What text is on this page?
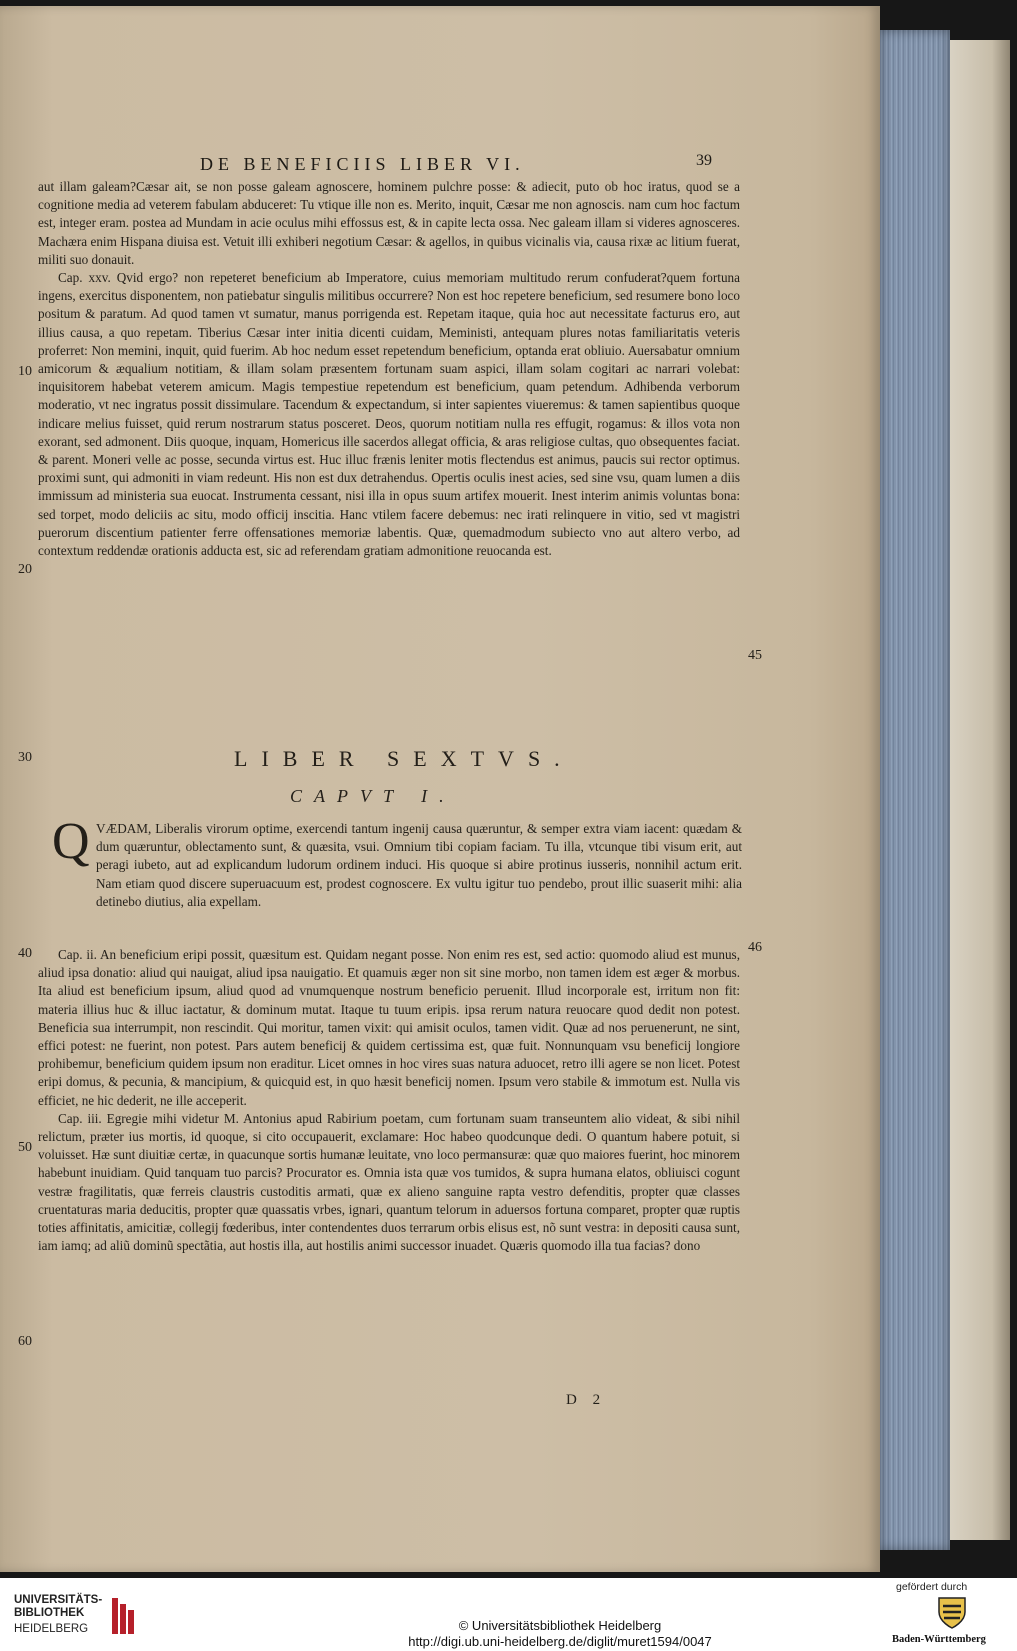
DE BENEFICIIS LIBER VI.	39

aut illam galeam?Cæsar ait, se non posse galeam agnoscere, hominem pulchre posse: & adiecit, puto ob hoc iratus, quod se a cognitione media ad veterem fabulam abduceret: Tu vtique ille non es. Merito, inquit, Cæsar me non agnoscis. nam cum hoc factum est, integer eram. postea ad Mundam in acie oculus mihi effossus est, & in capite lecta ossa. Nec galeam illam si videres agnosceres. Machæra enim Hispana diuisa est. Vetuit illi exhiberi negotium Cæsar: & agellos, in quibus vicinalis via, causa rixæ ac litium fuerat, militi suo donauit.

Cap. xxv. Qvid ergo? non repeteret beneficium ab Imperatore, cuius memoriam multitudo rerum confuderat?quem fortuna ingens, exercitus disponentem, non patiebatur singulis militibus occurrere? Non est hoc repetere beneficium, sed resumere bono loco positum & paratum. Ad quod tamen vt sumatur, manus porrigenda est. Repetam itaque, quia hoc aut necessitate facturus ero, aut illius causa, a quo repetam. Tiberius Cæsar inter initia dicenti cuidam, Meministi, antequam plures notas familiaritatis veteris proferret: Non memini, inquit, quid fuerim. Ab hoc nedum esset repetendum beneficium, optanda erat obliuio. Auersabatur omnium amicorum & æqualium notitiam, & illam solam præsentem fortunam suam aspici, illam solam cogitari ac narrari volebat: inquisitorem habebat veterem amicum. Magis tempestiue repetendum est beneficium, quam petendum. Adhibenda verborum moderatio, vt nec ingratus possit dissimulare. Tacendum & expectandum, si inter sapientes viueremus: & tamen sapientibus quoque indicare melius fuisset, quid rerum nostrarum status posceret. Deos, quorum notitiam nulla res effugit, rogamus: & illos vota non exorant, sed admonent. Diis quoque, inquam, Homericus ille sacerdos allegat officia, & aras religiose cultas, quo obsequentes faciat. & parent. Moneri velle ac posse, secunda virtus est. Huc illuc frænis leniter motis flectendus est animus, paucis sui rector optimus. proximi sunt, qui admoniti in viam redeunt. His non est dux detrahendus. Opertis oculis inest acies, sed sine vsu, quam lumen a diis immissum ad ministeria sua euocat. Instrumenta cessant, nisi illa in opus suum artifex mouerit. Inest interim animis voluntas bona: sed torpet, modo deliciis ac situ, modo officij inscitia. Hanc vtilem facere debemus: nec irati relinquere in vitio, sed vt magistri puerorum discentium patienter ferre offensationes memoriæ labentis. Quæ, quemadmodum subiecto vno aut altero verbo, ad contextum reddendæ orationis adducta est, sic ad referendam gratiam admonitione reuocanda est.

10
20
30
40
50
60
45
46
LIBER SEXTVS.
CAPVT I.
Q VÆDAM, Liberalis virorum optime, exercendi tantum ingenij causa quæruntur, & semper extra viam iacent: quædam & dum quæruntur, oblectamento sunt, & quæsita, vsui. Omnium tibi copiam faciam. Tu illa, vtcunque tibi visum erit, aut peragi iubeto, aut ad explicandum ludorum ordinem induci. His quoque si abire protinus iusseris, nonnihil actum erit. Nam etiam quod discere superuacuum est, prodest cognoscere. Ex vultu igitur tuo pendebo, prout illic suaserit mihi: alia detinebo diutius, alia expellam.

Cap. ii. An beneficium eripi possit, quæsitum est. Quidam negant posse. Non enim res est, sed actio: quomodo aliud est munus, aliud ipsa donatio: aliud qui nauigat, aliud ipsa nauigatio. Et quamuis æger non sit sine morbo, non tamen idem est æger & morbus. Ita aliud est beneficium ipsum, aliud quod ad vnumquenque nostrum beneficio peruenit. Illud incorporale est, irritum non fit: materia illius huc & illuc iactatur, & dominum mutat. Itaque tu tuum eripis. ipsa rerum natura reuocare quod dedit non potest. Beneficia sua interrumpit, non rescindit. Qui moritur, tamen vixit: qui amisit oculos, tamen vidit. Quæ ad nos peruenerunt, ne sint, effici potest: ne fuerint, non potest. Pars autem beneficij & quidem certissima est, quæ fuit. Nonnunquam vsu beneficij longiore prohibemur, beneficium quidem ipsum non eraditur. Licet omnes in hoc vires suas natura aduocet, retro illi agere se non licet. Potest eripi domus, & pecunia, & mancipium, & quicquid est, in quo hæsit beneficij nomen. Ipsum vero stabile & immotum est. Nulla vis efficiet, ne hic dederit, ne ille acceperit.

Cap. iii. Egregie mihi videtur M. Antonius apud Rabirium poetam, cum fortunam suam transeuntem alio videat, & sibi nihil relictum, præter ius mortis, id quoque, si cito occupauerit, exclamare: Hoc habeo quodcunque dedi. O quantum habere potuit, si voluisset. Hæ sunt diuitiæ certæ, in quacunque sortis humanæ leuitate, vno loco permansuræ: quæ quo maiores fuerint, hoc minorem habebunt inuidiam. Quid tanquam tuo parcis? Procurator es. Omnia ista quæ vos tumidos, & supra humana elatos, obliuisci cogunt vestræ fragilitatis, quæ ferreis claustris custoditis armati, quæ ex alieno sanguine rapta vestro defenditis, propter quæ classes cruentaturas maria deducitis, propter quæ quassatis vrbes, ignari, quantum telorum in aduersos fortuna comparet, propter quæ ruptis toties affinitatis, amicitiæ, collegij fœderibus, inter contendentes duos terrarum orbis elisus est, nõ sunt vestra: in depositi causa sunt, iam iamq; ad aliũ dominũ spectãtia, aut hostis illa, aut hostilis animi successor inuadet. Quæris quomodo illa tua facias? dono

D 2
UNIVERSITÄTS-
BIBLIOTHEK
HEIDELBERG	© Universitätsbibliothek Heidelberg
http://digi.ub.uni-heidelberg.de/diglit/muret1594/0047
gefördert durch
Baden-Württemberg
